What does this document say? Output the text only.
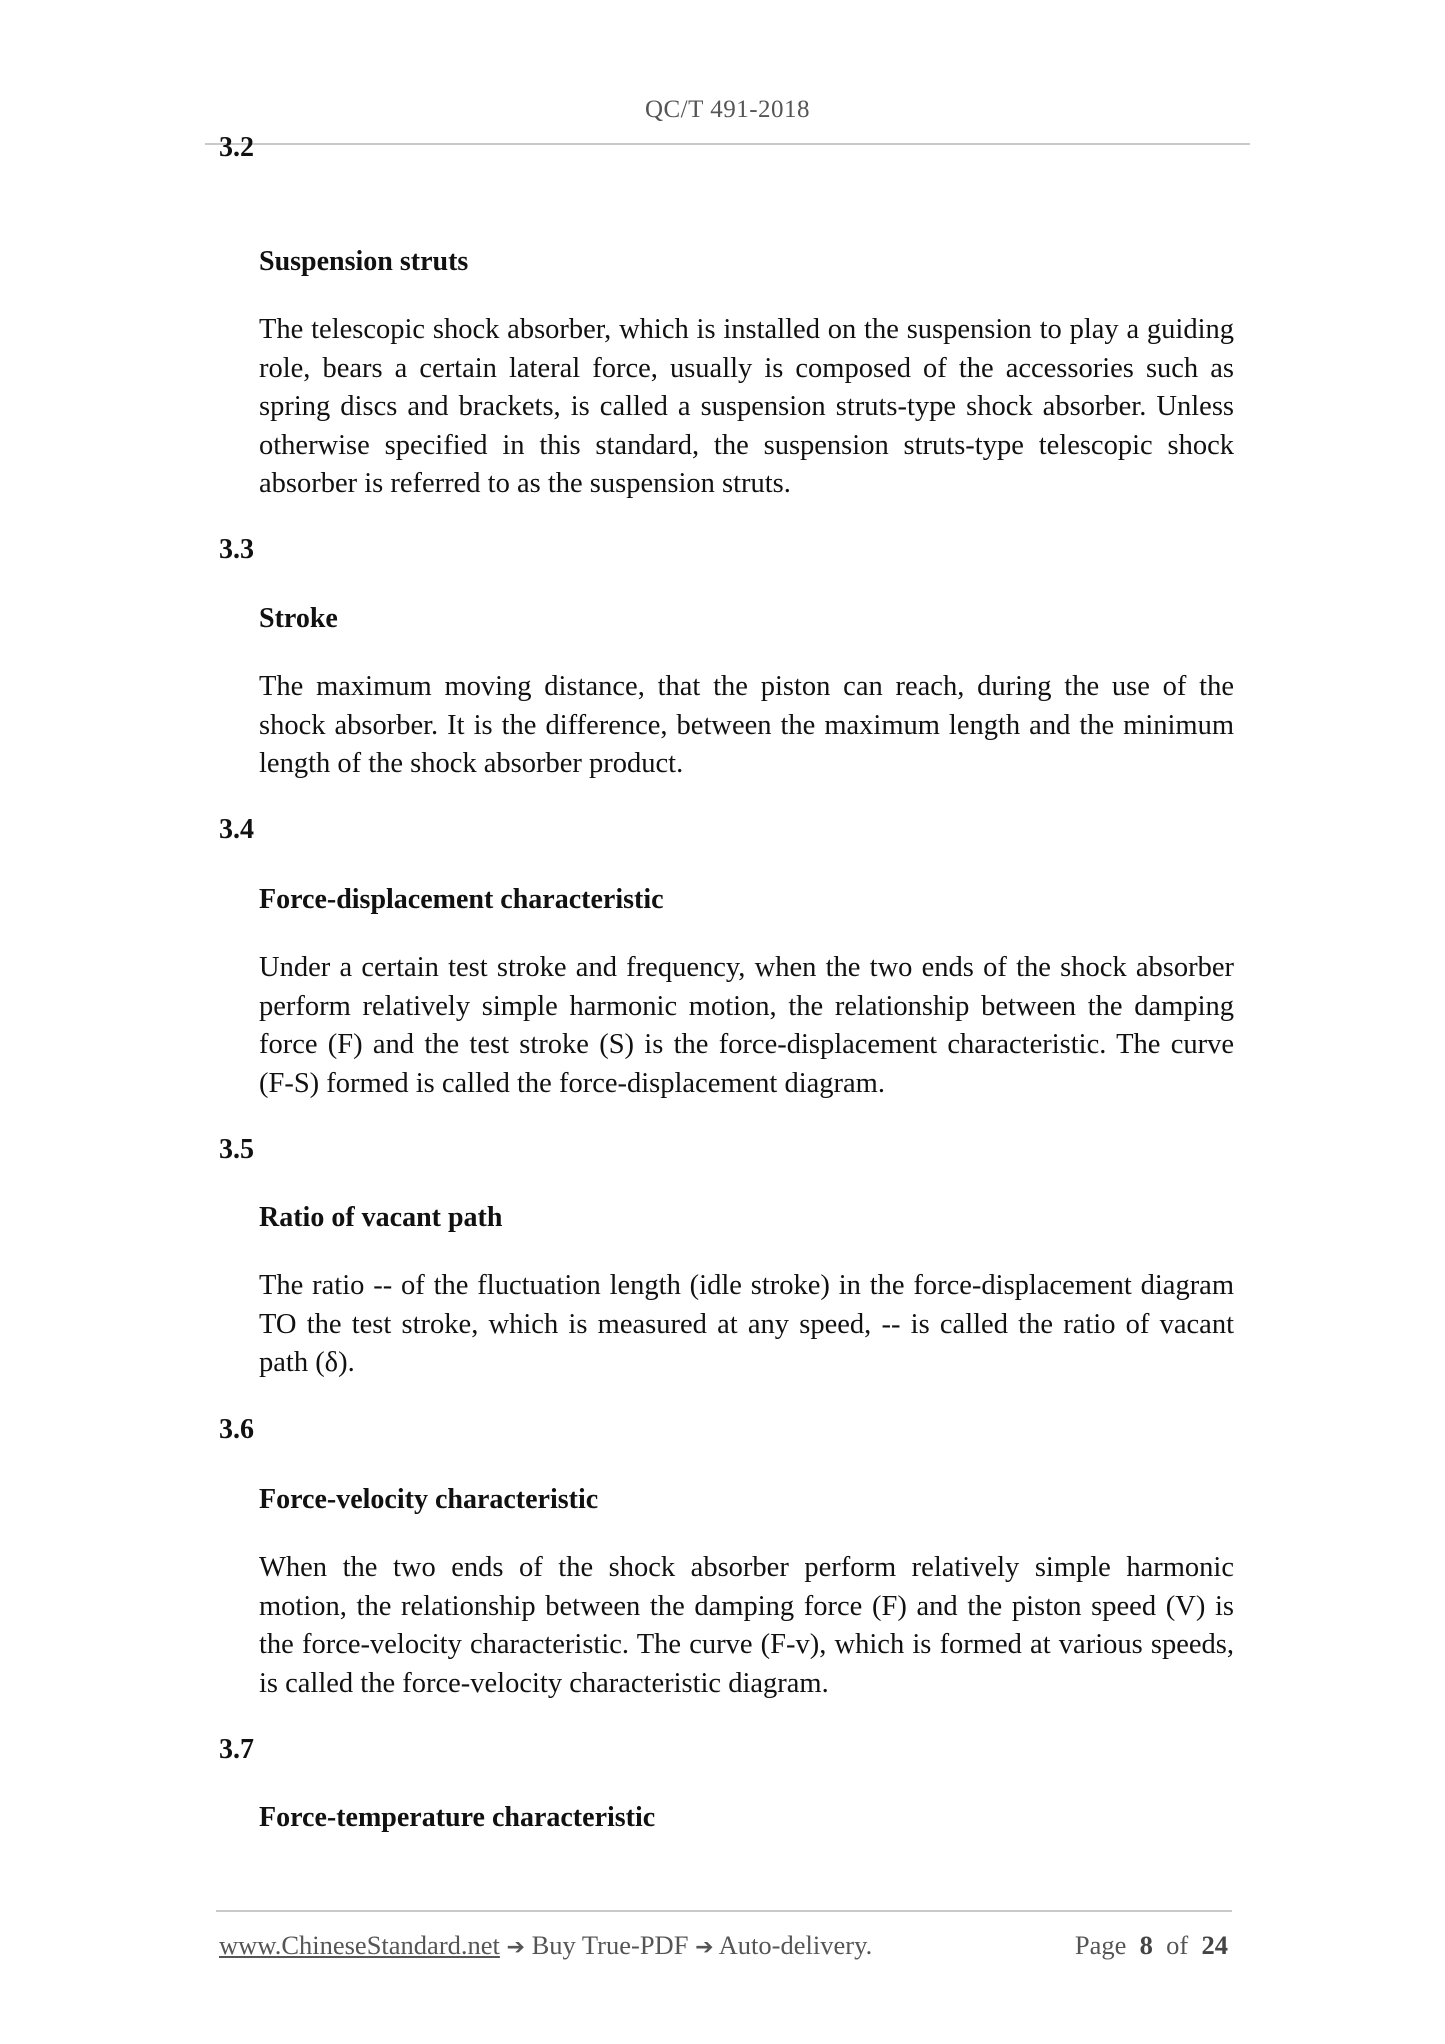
QC/T 491-2018
3.2
Suspension struts
The telescopic shock absorber, which is installed on the suspension to play a guiding role, bears a certain lateral force, usually is composed of the accessories such as spring discs and brackets, is called a suspension struts-type shock absorber. Unless otherwise specified in this standard, the suspension struts-type telescopic shock absorber is referred to as the suspension struts.
3.3
Stroke
The maximum moving distance, that the piston can reach, during the use of the shock absorber. It is the difference, between the maximum length and the minimum length of the shock absorber product.
3.4
Force-displacement characteristic
Under a certain test stroke and frequency, when the two ends of the shock absorber perform relatively simple harmonic motion, the relationship between the damping force (F) and the test stroke (S) is the force-displacement characteristic. The curve (F-S) formed is called the force-displacement diagram.
3.5
Ratio of vacant path
The ratio -- of the fluctuation length (idle stroke) in the force-displacement diagram TO the test stroke, which is measured at any speed, -- is called the ratio of vacant path (δ).
3.6
Force-velocity characteristic
When the two ends of the shock absorber perform relatively simple harmonic motion, the relationship between the damping force (F) and the piston speed (V) is the force-velocity characteristic. The curve (F-v), which is formed at various speeds, is called the force-velocity characteristic diagram.
3.7
Force-temperature characteristic
www.ChineseStandard.net ➔ Buy True-PDF ➔ Auto-delivery.	Page 8 of 24
